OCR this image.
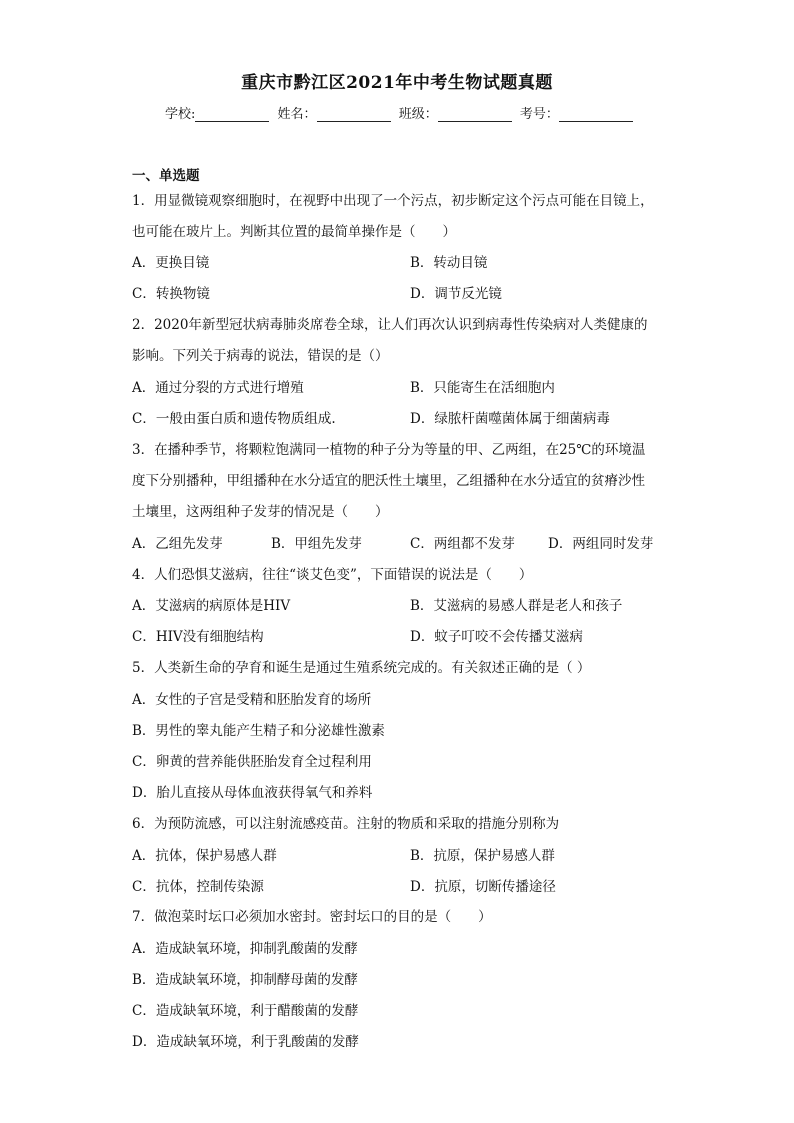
重庆市黔江区2021年中考生物试题真题
学校:	姓名：	班级：	考号：
一、单选题
1．用显微镜观察细胞时，在视野中出现了一个污点，初步断定这个污点可能在目镜上，
也可能在玻片上。判断其位置的最简单操作是（　　）
A．更换目镜	B．转动目镜
C．转换物镜	D．调节反光镜
2．2020年新型冠状病毒肺炎席卷全球，让人们再次认识到病毒性传染病对人类健康的
影响。下列关于病毒的说法，错误的是（）
A．通过分裂的方式进行增殖	B．只能寄生在活细胞内
C．一般由蛋白质和遗传物质组成.	D．绿脓杆菌噬菌体属于细菌病毒
3．在播种季节，将颗粒饱满同一植物的种子分为等量的甲、乙两组，在25℃的环境温
度下分别播种，甲组播种在水分适宜的肥沃性土壤里，乙组播种在水分适宜的贫瘠沙性
土壤里，这两组种子发芽的情况是（　　）
A．乙组先发芽	B．甲组先发芽	C．两组都不发芽 D．两组同时发芽
4．人们恐惧艾滋病，往往“谈艾色变”，下面错误的说法是（　　）
A．艾滋病的病原体是HIV	B．艾滋病的易感人群是老人和孩子
C．HIV没有细胞结构	D．蚊子叮咬不会传播艾滋病
5．人类新生命的孕育和诞生是通过生殖系统完成的。有关叙述正确的是（ ）
A．女性的子宫是受精和胚胎发育的场所
B．男性的睾丸能产生精子和分泌雄性激素
C．卵黄的营养能供胚胎发育全过程利用
D．胎儿直接从母体血液获得氧气和养料
6．为预防流感，可以注射流感疫苗。注射的物质和采取的措施分别称为
A．抗体，保护易感人群	B．抗原，保护易感人群
C．抗体，控制传染源	D．抗原，切断传播途径
7．做泡菜时坛口必须加水密封。密封坛口的目的是（　　）
A．造成缺氧环境，抑制乳酸菌的发酵
B．造成缺氧环境，抑制酵母菌的发酵
C．造成缺氧环境，利于醋酸菌的发酵
D．造成缺氧环境，利于乳酸菌的发酵
